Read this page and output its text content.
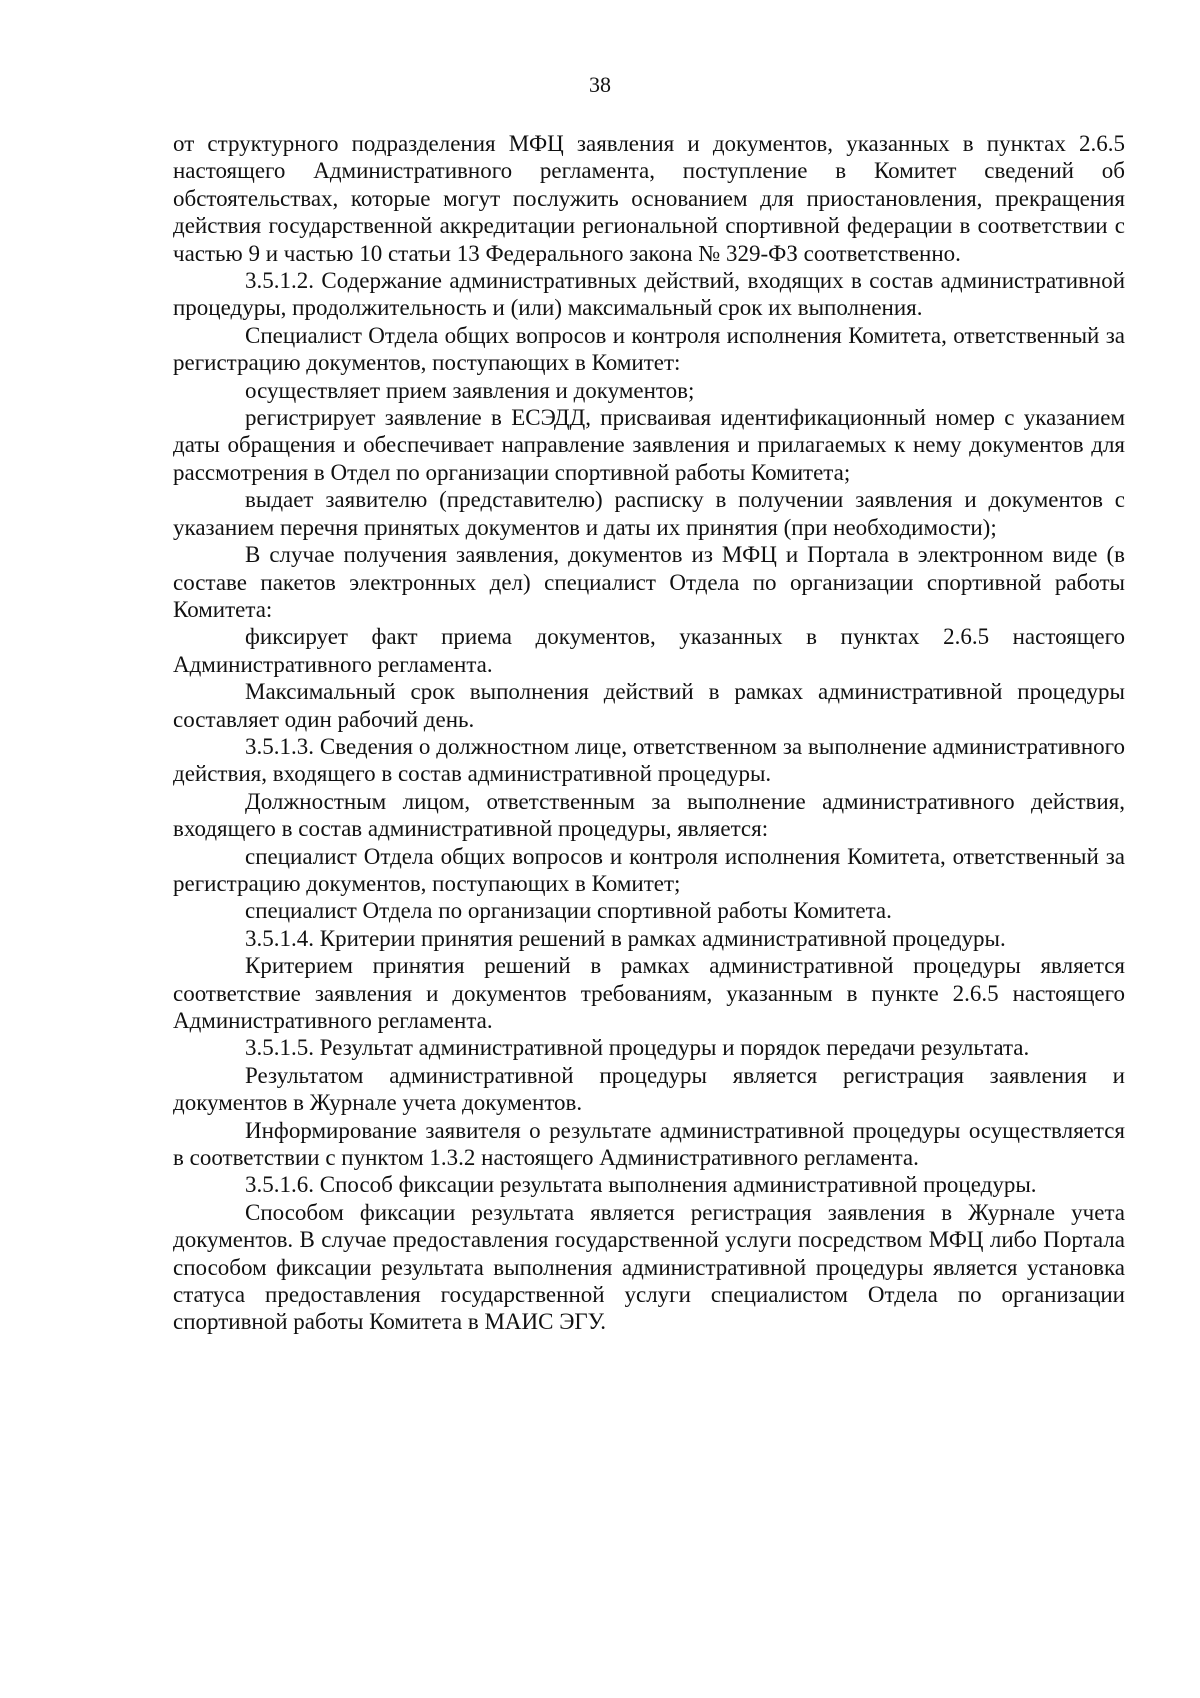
38

от структурного подразделения МФЦ заявления и документов, указанных в пунктах 2.6.5 настоящего Административного регламента, поступление в Комитет сведений об обстоятельствах, которые могут послужить основанием для приостановления, прекращения действия государственной аккредитации региональной спортивной федерации в соответствии с частью 9 и частью 10 статьи 13 Федерального закона № 329-ФЗ соответственно.

3.5.1.2. Содержание административных действий, входящих в состав административной процедуры, продолжительность и (или) максимальный срок их выполнения.

Специалист Отдела общих вопросов и контроля исполнения Комитета, ответственный за регистрацию документов, поступающих в Комитет:

осуществляет прием заявления и документов;

регистрирует заявление в ЕСЭДД, присваивая идентификационный номер с указанием даты обращения и обеспечивает направление заявления и прилагаемых к нему документов для рассмотрения в Отдел по организации спортивной работы Комитета;

выдает заявителю (представителю) расписку в получении заявления и документов с указанием перечня принятых документов и даты их принятия (при необходимости);

В случае получения заявления, документов из МФЦ и Портала в электронном виде (в составе пакетов электронных дел) специалист Отдела по организации спортивной работы Комитета:

фиксирует факт приема документов, указанных в пунктах 2.6.5 настоящего Административного регламента.

Максимальный срок выполнения действий в рамках административной процедуры составляет один рабочий день.

3.5.1.3. Сведения о должностном лице, ответственном за выполнение административного действия, входящего в состав административной процедуры.

Должностным лицом, ответственным за выполнение административного действия, входящего в состав административной процедуры, является:

специалист Отдела общих вопросов и контроля исполнения Комитета, ответственный за регистрацию документов, поступающих в Комитет;

специалист Отдела по организации спортивной работы Комитета.

3.5.1.4. Критерии принятия решений в рамках административной процедуры.

Критерием принятия решений в рамках административной процедуры является соответствие заявления и документов требованиям, указанным в пункте 2.6.5 настоящего Административного регламента.

3.5.1.5. Результат административной процедуры и порядок передачи результата.

Результатом административной процедуры является регистрация заявления и документов в Журнале учета документов.

Информирование заявителя о результате административной процедуры осуществляется в соответствии с пунктом 1.3.2 настоящего Административного регламента.

3.5.1.6. Способ фиксации результата выполнения административной процедуры.

Способом фиксации результата является регистрация заявления в Журнале учета документов. В случае предоставления государственной услуги посредством МФЦ либо Портала способом фиксации результата выполнения административной процедуры является установка статуса предоставления государственной услуги специалистом Отдела по организации спортивной работы Комитета в МАИС ЭГУ.
